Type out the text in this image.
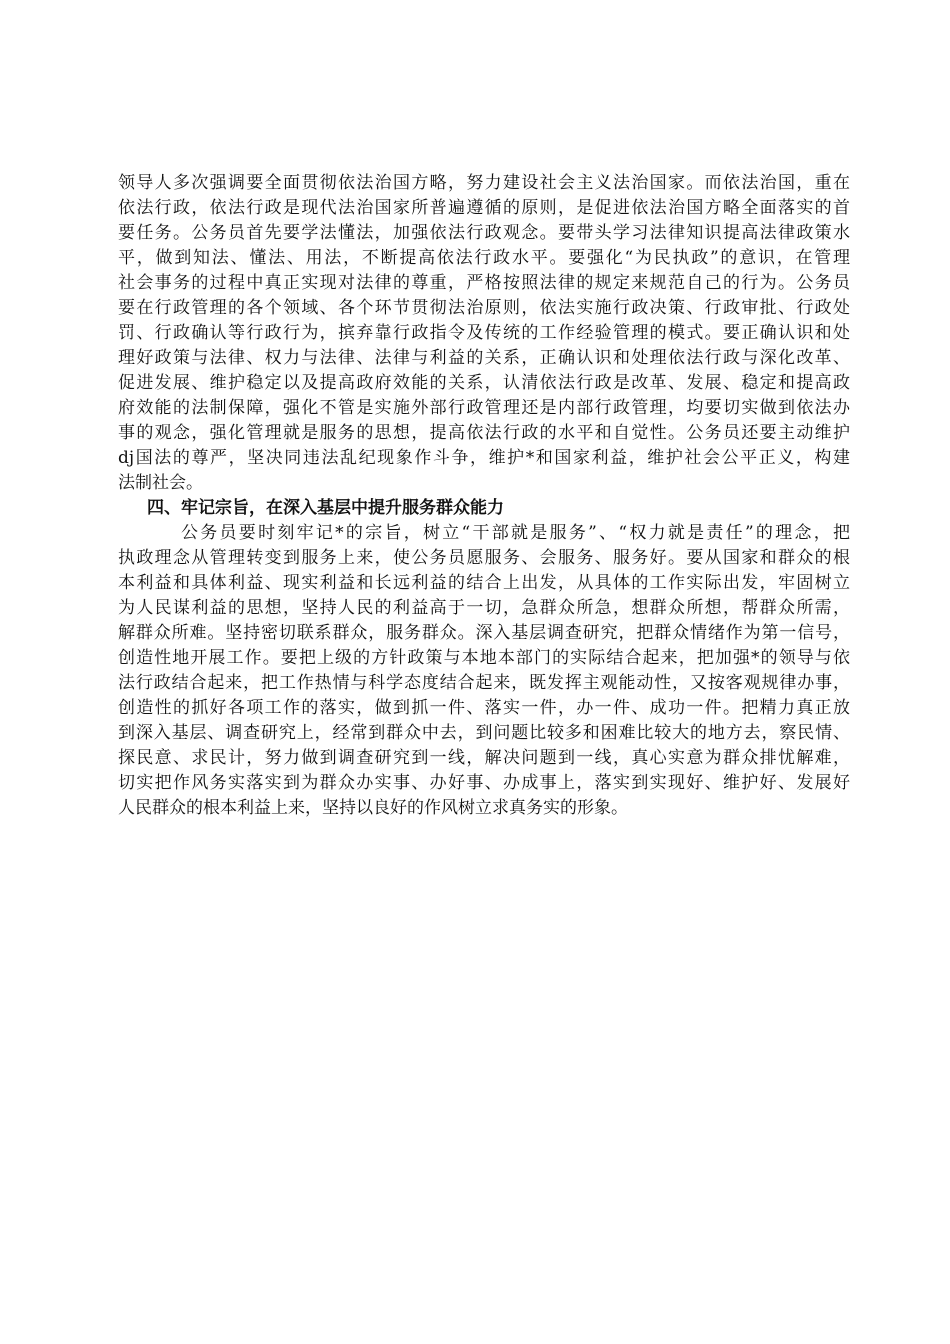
领导人多次强调要全面贯彻依法治国方略，努力建设社会主义法治国家。而依法治国，重在
依法行政，依法行政是现代法治国家所普遍遵循的原则，是促进依法治国方略全面落实的首
要任务。公务员首先要学法懂法，加强依法行政观念。要带头学习法律知识提高法律政策水
平，做到知法、懂法、用法，不断提高依法行政水平。要强化“为民执政”的意识，在管理
社会事务的过程中真正实现对法律的尊重，严格按照法律的规定来规范自己的行为。公务员
要在行政管理的各个领域、各个环节贯彻法治原则，依法实施行政决策、行政审批、行政处
罚、行政确认等行政行为，摈弃靠行政指令及传统的工作经验管理的模式。要正确认识和处
理好政策与法律、权力与法律、法律与利益的关系，正确认识和处理依法行政与深化改革、
促进发展、维护稳定以及提高政府效能的关系，认清依法行政是改革、发展、稳定和提高政
府效能的法制保障，强化不管是实施外部行政管理还是内部行政管理，均要切实做到依法办
事的观念，强化管理就是服务的思想，提高依法行政的水平和自觉性。公务员还要主动维护
dj国法的尊严，坚决同违法乱纪现象作斗争，维护*和国家利益，维护社会公平正义，构建
法制社会。
四、牢记宗旨，在深入基层中提升服务群众能力
公务员要时刻牢记*的宗旨，树立“干部就是服务”、“权力就是责任”的理念，把
执政理念从管理转变到服务上来，使公务员愿服务、会服务、服务好。要从国家和群众的根
本利益和具体利益、现实利益和长远利益的结合上出发，从具体的工作实际出发，牢固树立
为人民谋利益的思想，坚持人民的利益高于一切，急群众所急，想群众所想，帮群众所需，
解群众所难。坚持密切联系群众，服务群众。深入基层调查研究，把群众情绪作为第一信号，
创造性地开展工作。要把上级的方针政策与本地本部门的实际结合起来，把加强*的领导与依
法行政结合起来，把工作热情与科学态度结合起来，既发挥主观能动性，又按客观规律办事，
创造性的抓好各项工作的落实，做到抓一件、落实一件，办一件、成功一件。把精力真正放
到深入基层、调查研究上，经常到群众中去，到问题比较多和困难比较大的地方去，察民情、
探民意、求民计，努力做到调查研究到一线，解决问题到一线，真心实意为群众排忧解难，
切实把作风务实落实到为群众办实事、办好事、办成事上，落实到实现好、维护好、发展好
人民群众的根本利益上来，坚持以良好的作风树立求真务实的形象。
